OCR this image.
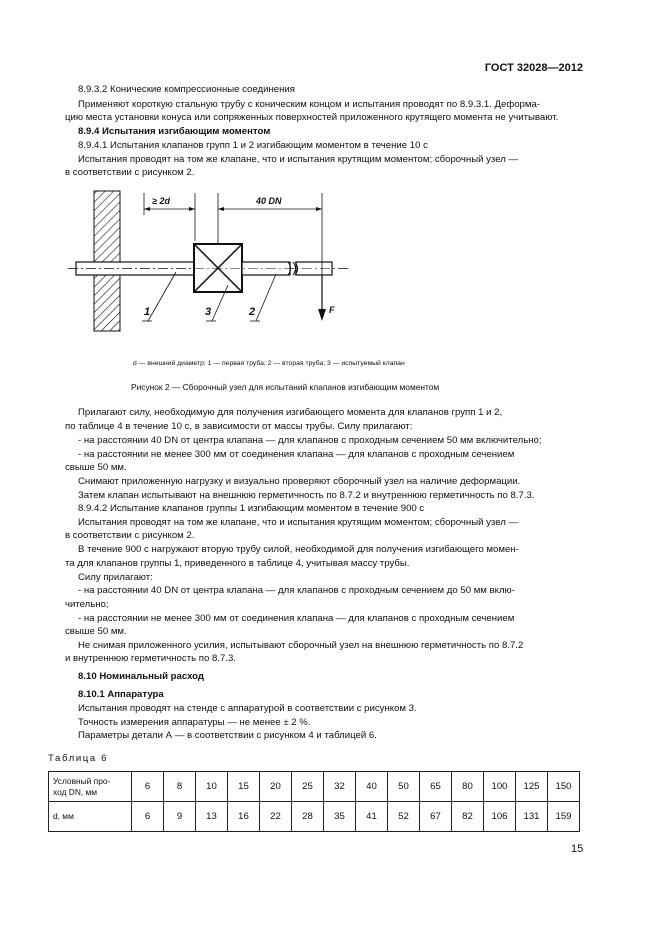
ГОСТ 32028—2012
8.9.3.2 Конические компрессионные соединения
Применяют короткую стальную трубу с коническим концом и испытания проводят по 8.9.3.1. Деформа-
цию места установки конуса или сопряженных поверхностей приложенного крутящего момента не учитывают.
8.9.4 Испытания изгибающим моментом
8.9.4.1 Испытания клапанов групп 1 и 2 изгибающим моментом в течение 10 с
Испытания проводят на том же клапане, что и испытания крутящим моментом; сборочный узел —
в соответствии с рисунком 2.
≥ 2d	40 DN
F
1	3	2
d — внешний диаметр; 1 — первая труба; 2 — вторая труба; 3 — испытуемый клапан
Рисунок 2 — Сборочный узел для испытаний клапанов изгибающим моментом
Прилагают силу, необходимую для получения изгибающего момента для клапанов групп 1 и 2,
по таблице 4 в течение 10 с, в зависимости от массы трубы. Силу прилагают:
- на расстоянии 40 DN от центра клапана — для клапанов с проходным сечением 50 мм включительно;
- на расстоянии не менее 300 мм от соединения клапана — для клапанов с проходным сечением
свыше 50 мм.
Снимают приложенную нагрузку и визуально проверяют сборочный узел на наличие деформации.
Затем клапан испытывают на внешнюю герметичность по 8.7.2 и внутреннюю герметичность по 8.7.3.
8.9.4.2 Испытание клапанов группы 1 изгибающим моментом в течение 900 с
Испытания проводят на том же клапане, что и испытания крутящим моментом; сборочный узел —
в соответствии с рисунком 2.
В течение 900 с нагружают вторую трубу силой, необходимой для получения изгибающего момен-
та для клапанов группы 1, приведенного в таблице 4, учитывая массу трубы.
Силу прилагают:
- на расстоянии 40 DN от центра клапана — для клапанов с проходным сечением до 50 мм вклю-
чительно;
- на расстоянии не менее 300 мм от соединения клапана — для клапанов с проходным сечением
свыше 50 мм.
Не снимая приложенного усилия, испытывают сборочный узел на внешнюю герметичность по 8.7.2
и внутреннюю герметичность по 8.7.3.
8.10 Номинальный расход
8.10.1 Аппаратура
Испытания проводят на стенде с аппаратурой в соответствии с рисунком 3.
Точность измерения аппаратуры — не менее ± 2 %.
Параметры детали А — в соответствии с рисунком 4 и таблицей 6.
Таблица 6
Условный про-
ход DN, мм	6	8	10	15	20	25	32	40	50	65	80	100	125	150
d, мм	6	9	13	16	22	28	35	41	52	67	82	106	131	159
15
